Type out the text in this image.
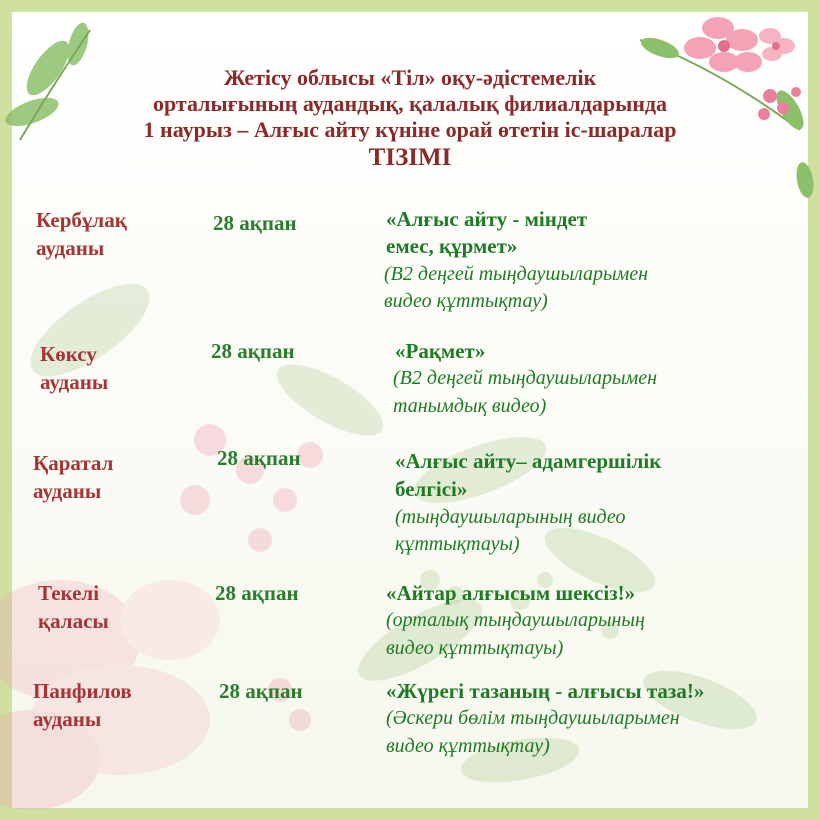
Жетісу облысы «Тіл» оқу-әдістемелік
орталығының аудандық, қалалық филиалдарында
1 наурыз – Алғыс айту күніне орай өтетін іс-шаралар
ТІЗІМІ
Кербұлақ
ауданы
28 ақпан	«Алғыс айту - міндет
емес, құрмет»
(В2 деңгей тыңдаушыларымен
видео құттықтау)
Көксу
ауданы
28 ақпан	«Рақмет»
(В2 деңгей тыңдаушыларымен
танымдық видео)
Қаратал
ауданы
28 ақпан	«Алғыс айту– адамгершілік
белгісі»
(тыңдаушыларының видео
құттықтауы)
Текелі
қаласы
28 ақпан	«Айтар алғысым шексіз!»
(орталық тыңдаушыларының
видео құттықтауы)
Панфилов
ауданы
28 ақпан	«Жүрегі тазаның - алғысы таза!»
(Әскери бөлім тыңдаушыларымен
видео құттықтау)
